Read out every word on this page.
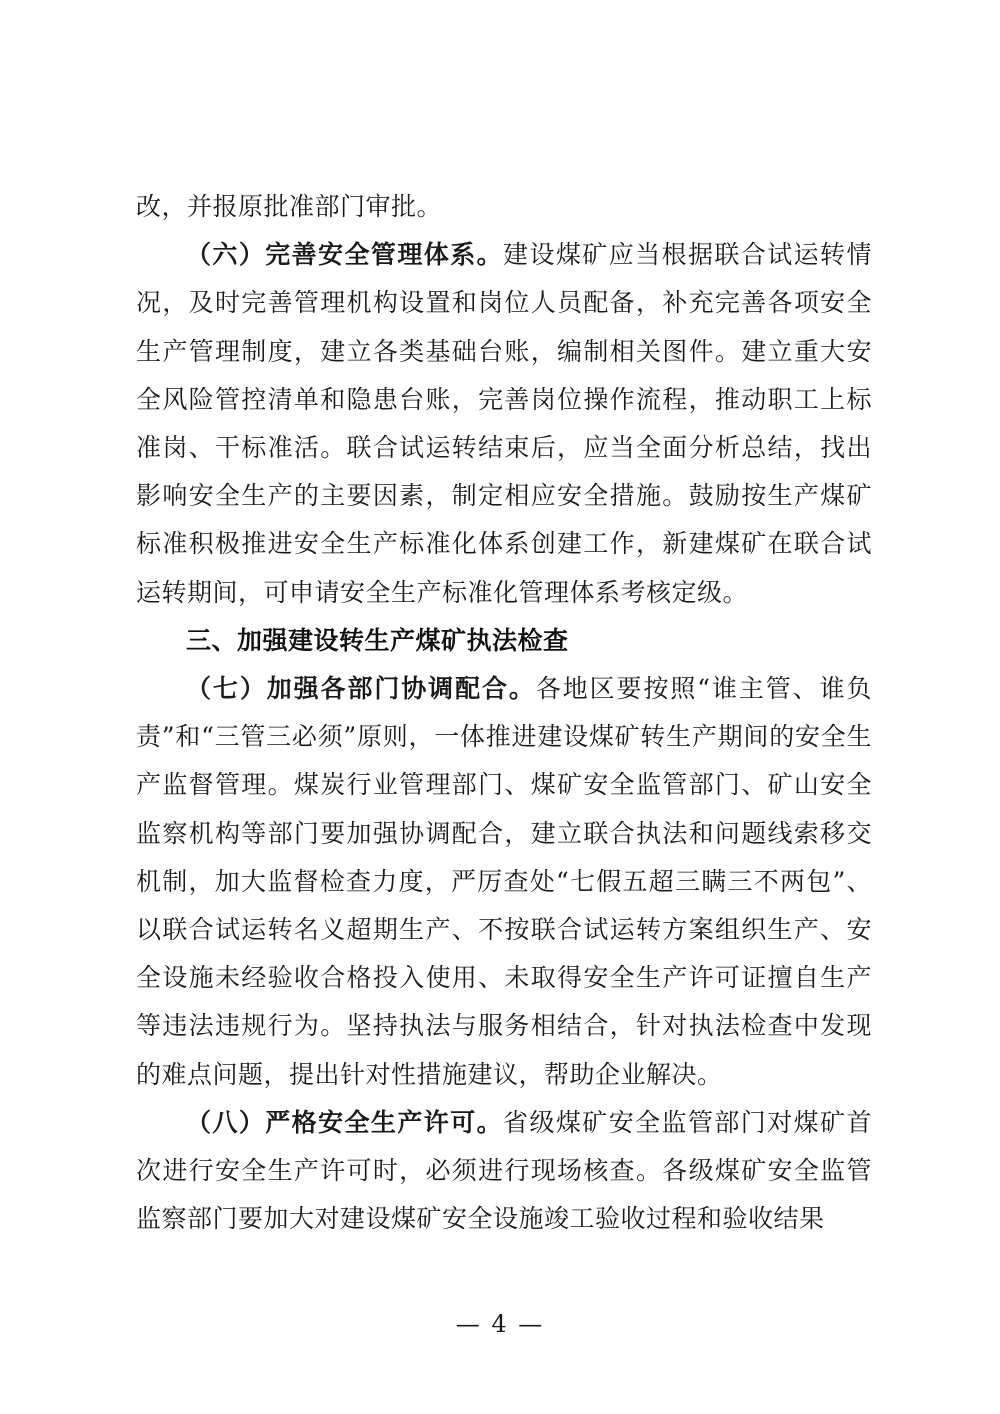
改，并报原批准部门审批。

（六）完善安全管理体系。建设煤矿应当根据联合试运转情况，及时完善管理机构设置和岗位人员配备，补充完善各项安全生产管理制度，建立各类基础台账，编制相关图件。建立重大安全风险管控清单和隐患台账，完善岗位操作流程，推动职工上标准岗、干标准活。联合试运转结束后，应当全面分析总结，找出影响安全生产的主要因素，制定相应安全措施。鼓励按生产煤矿标准积极推进安全生产标准化体系创建工作，新建煤矿在联合试运转期间，可申请安全生产标准化管理体系考核定级。

三、加强建设转生产煤矿执法检查

（七）加强各部门协调配合。各地区要按照“谁主管、谁负责”和“三管三必须”原则，一体推进建设煤矿转生产期间的安全生产监督管理。煤炭行业管理部门、煤矿安全监管部门、矿山安全监察机构等部门要加强协调配合，建立联合执法和问题线索移交机制，加大监督检查力度，严厉查处“七假五超三瞒三不两包”、以联合试运转名义超期生产、不按联合试运转方案组织生产、安全设施未经验收合格投入使用、未取得安全生产许可证擅自生产等违法违规行为。坚持执法与服务相结合，针对执法检查中发现的难点问题，提出针对性措施建议，帮助企业解决。

（八）严格安全生产许可。省级煤矿安全监管部门对煤矿首次进行安全生产许可时，必须进行现场核查。各级煤矿安全监管监察部门要加大对建设煤矿安全设施竣工验收过程和验收结果

— 4 —
